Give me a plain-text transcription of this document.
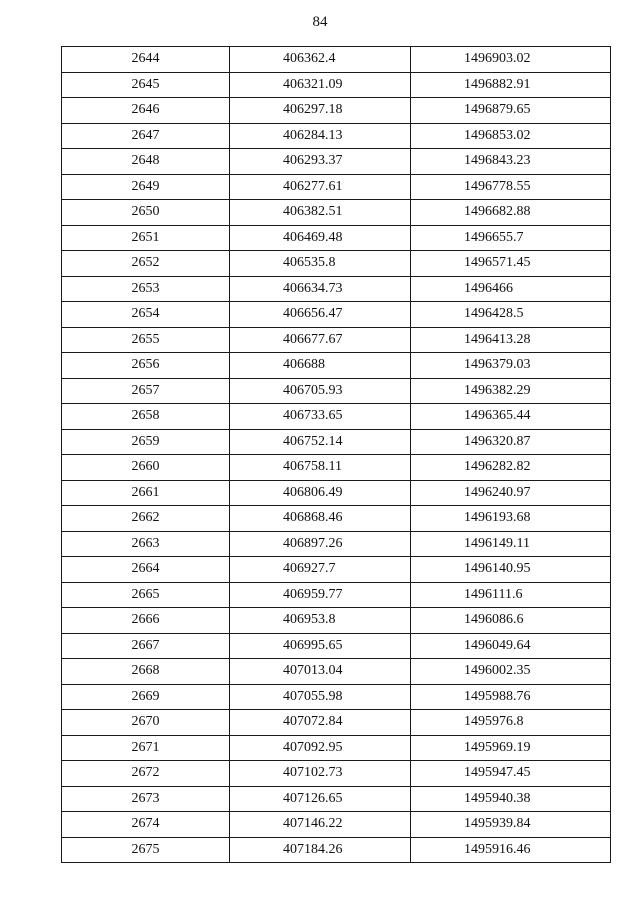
84
2644	406362.4	1496903.02
2645	406321.09	1496882.91
2646	406297.18	1496879.65
2647	406284.13	1496853.02
2648	406293.37	1496843.23
2649	406277.61	1496778.55
2650	406382.51	1496682.88
2651	406469.48	1496655.7
2652	406535.8	1496571.45
2653	406634.73	1496466
2654	406656.47	1496428.5
2655	406677.67	1496413.28
2656	406688	1496379.03
2657	406705.93	1496382.29
2658	406733.65	1496365.44
2659	406752.14	1496320.87
2660	406758.11	1496282.82
2661	406806.49	1496240.97
2662	406868.46	1496193.68
2663	406897.26	1496149.11
2664	406927.7	1496140.95
2665	406959.77	1496111.6
2666	406953.8	1496086.6
2667	406995.65	1496049.64
2668	407013.04	1496002.35
2669	407055.98	1495988.76
2670	407072.84	1495976.8
2671	407092.95	1495969.19
2672	407102.73	1495947.45
2673	407126.65	1495940.38
2674	407146.22	1495939.84
2675	407184.26	1495916.46
